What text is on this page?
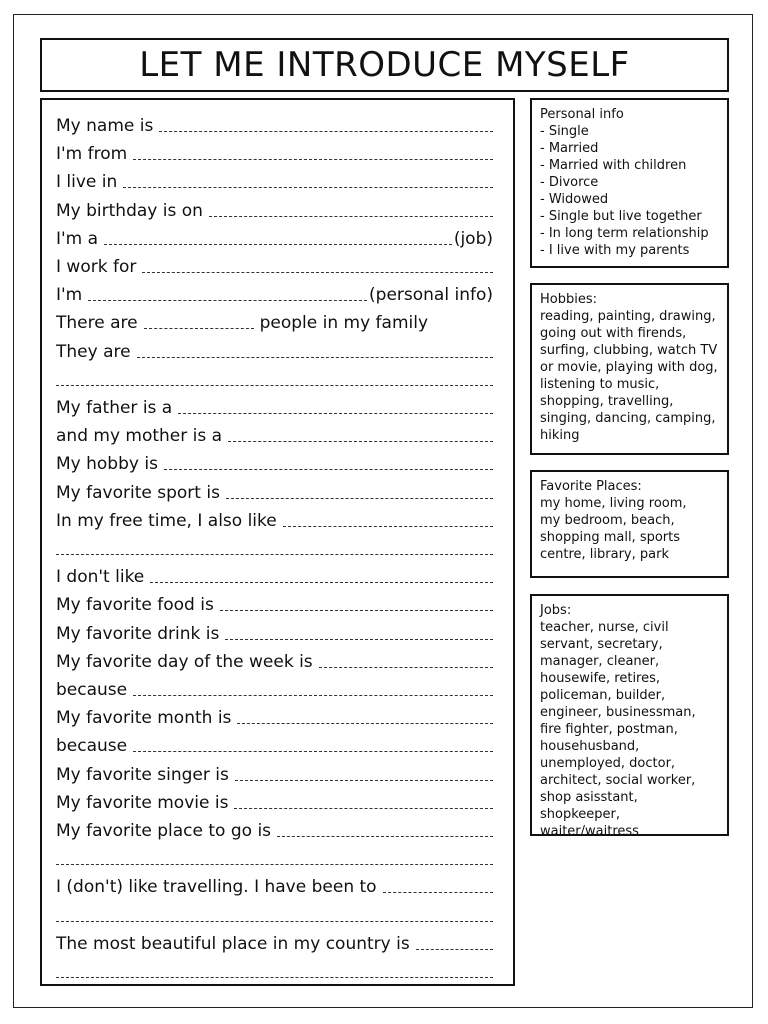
LET ME INTRODUCE MYSELF
My name is
I'm from
I live in
My birthday is on
I'm a	(job)
I work for
I'm	(personal info)
There are	people in my family
They are
My father is a
and my mother is a
My hobby is
My favorite sport is
In my free time, I also like
I don't like
My favorite food is
My favorite drink is
My favorite day of the week is
because
My favorite month is
because
My favorite singer is
My favorite movie is
My favorite place to go is
I (don't) like travelling. I have been to
The most beautiful place in my country is
Personal info
- Single
- Married
- Married with children
- Divorce
- Widowed
- Single but live together
- In long term relationship
- I live with my parents
Hobbies:
reading, painting, drawing,
going out with firends,
surfing, clubbing, watch TV
or movie, playing with dog,
listening to music,
shopping, travelling,
singing, dancing, camping,
hiking
Favorite Places:
my home, living room,
my bedroom, beach,
shopping mall, sports
centre, library, park
Jobs:
teacher, nurse, civil
servant, secretary,
manager, cleaner,
housewife, retires,
policeman, builder,
engineer, businessman,
fire fighter, postman,
househusband,
unemployed, doctor,
architect, social worker,
shop asisstant, shopkeeper,
waiter/waitress
